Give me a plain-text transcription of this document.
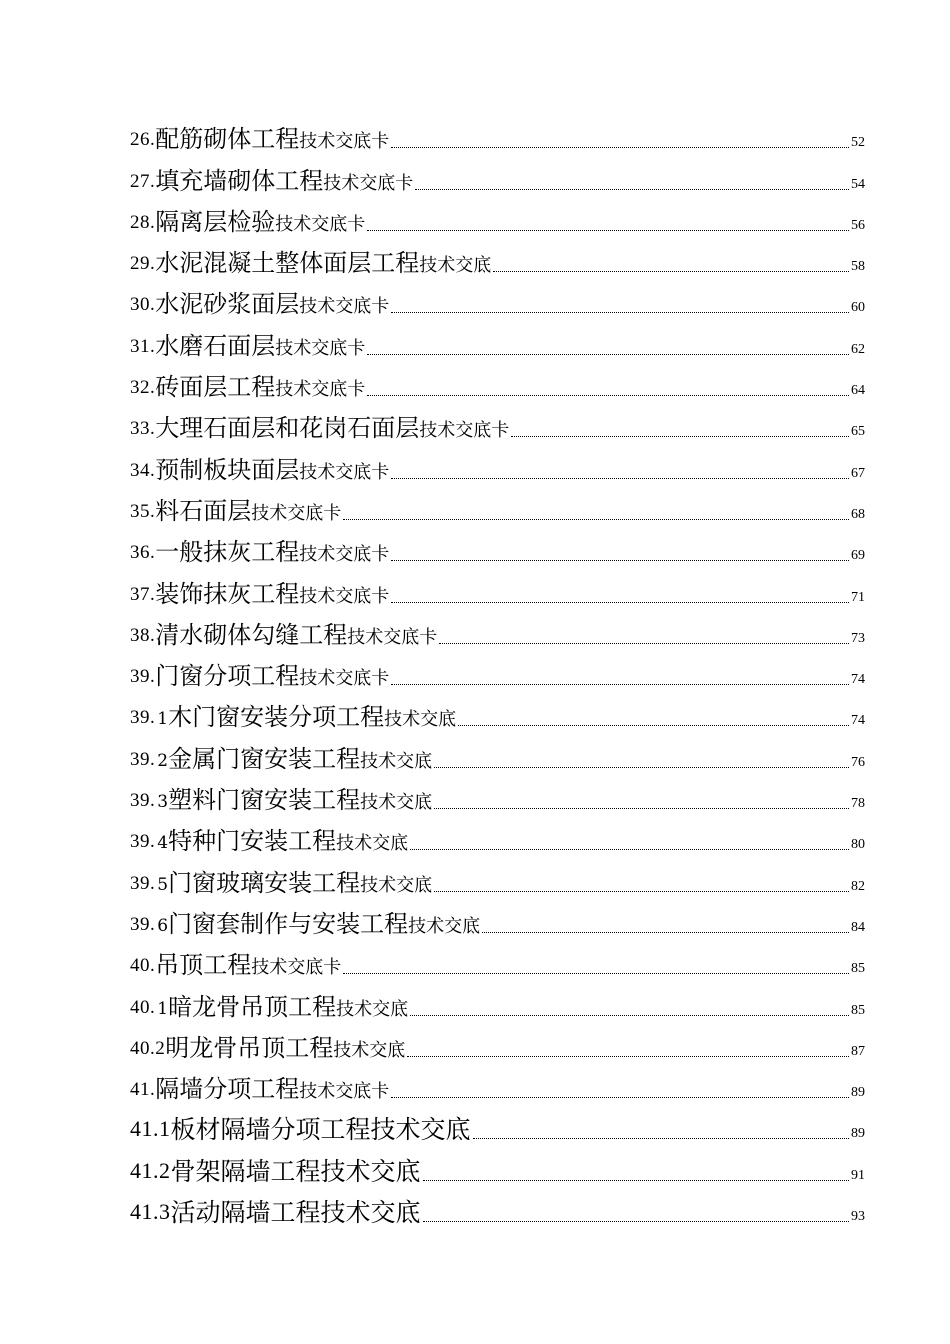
26. 配筋砌体工程 技术交底卡	52
27. 填充墙砌体工程 技术交底卡	54
28. 隔离层检验 技术交底卡	56
29. 水泥混凝土整体面层工程 技术交底	58
30. 水泥砂浆面层 技术交底卡	60
31. 水磨石面层 技术交底卡	62
32. 砖面层工程 技术交底卡	64
33. 大理石面层和花岗石面层 技术交底卡	65
34. 预制板块面层 技术交底卡	67
35. 料石面层 技术交底卡	68
36. 一般抹灰工程 技术交底卡	69
37. 装饰抹灰工程 技术交底卡	71
38. 清水砌体勾缝工程 技术交底卡	73
39. 门窗分项工程 技术交底卡	74
39. 1 木门窗安装分项工程 技术交底	74
39. 2 金属门窗安装工程 技术交底	76
39. 3 塑料门窗安装工程 技术交底	78
39. 4 特种门安装工程 技术交底	80
39. 5 门窗玻璃安装工程 技术交底	82
39. 6 门窗套制作与安装工程 技术交底	84
40. 吊顶工程 技术交底卡	85
40. 1 暗龙骨吊顶工程 技术交底	85
40.2 明龙骨吊顶工程 技术交底	87
41. 隔墙分项工程 技术交底卡	89
41.1 板材隔墙分项工程技术交底	89
41.2 骨架隔墙工程 技术交底	91
41.3 活动隔墙工程 技术交底	93
